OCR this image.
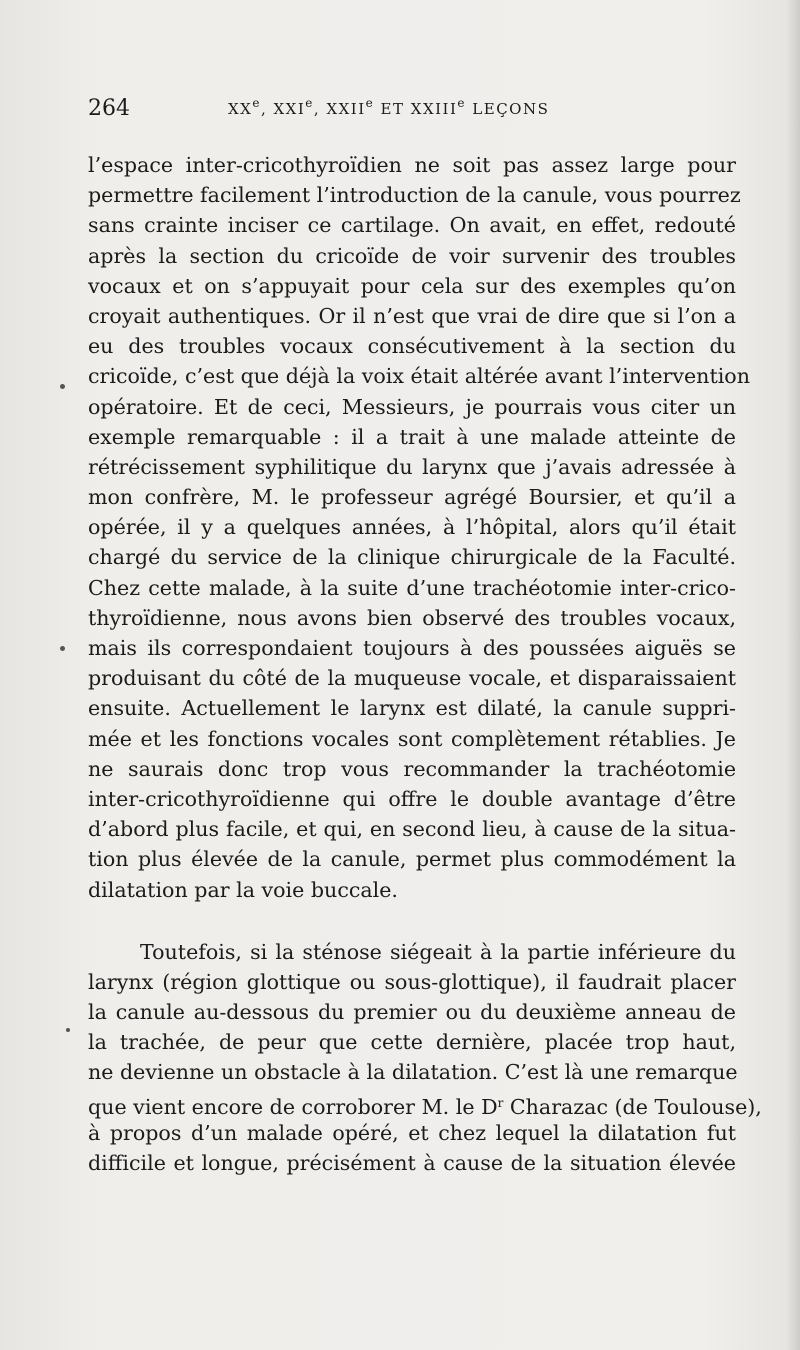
264	XXe, XXIe, XXIIe ET XXIIIe LEÇONS
l’espace inter-cricothyroïdien ne soit pas assez large pour
permettre facilement l’introduction de la canule, vous pourrez
sans crainte inciser ce cartilage. On avait, en effet, redouté
après la section du cricoïde de voir survenir des troubles
vocaux et on s’appuyait pour cela sur des exemples qu’on
croyait authentiques. Or il n’est que vrai de dire que si l’on a
eu des troubles vocaux consécutivement à la section du
cricoïde, c’est que déjà la voix était altérée avant l’intervention
opératoire. Et de ceci, Messieurs, je pourrais vous citer un
exemple remarquable : il a trait à une malade atteinte de
rétrécissement syphilitique du larynx que j’avais adressée à
mon confrère, M. le professeur agrégé Boursier, et qu’il a
opérée, il y a quelques années, à l’hôpital, alors qu’il était
chargé du service de la clinique chirurgicale de la Faculté.
Chez cette malade, à la suite d’une trachéotomie inter-crico-
thyroïdienne, nous avons bien observé des troubles vocaux,
mais ils correspondaient toujours à des poussées aiguës se
produisant du côté de la muqueuse vocale, et disparaissaient
ensuite. Actuellement le larynx est dilaté, la canule suppri-
mée et les fonctions vocales sont complètement rétablies. Je
ne saurais donc trop vous recommander la trachéotomie
inter-cricothyroïdienne qui offre le double avantage d’être
d’abord plus facile, et qui, en second lieu, à cause de la situa-
tion plus élevée de la canule, permet plus commodément la
dilatation par la voie buccale.
Toutefois, si la sténose siégeait à la partie inférieure du
larynx (région glottique ou sous-glottique), il faudrait placer
la canule au-dessous du premier ou du deuxième anneau de
la trachée, de peur que cette dernière, placée trop haut,
ne devienne un obstacle à la dilatation. C’est là une remarque
que vient encore de corroborer M. le $D^r$ Charazac (de Toulouse),
à propos d’un malade opéré, et chez lequel la dilatation fut
difficile et longue, précisément à cause de la situation élevée
